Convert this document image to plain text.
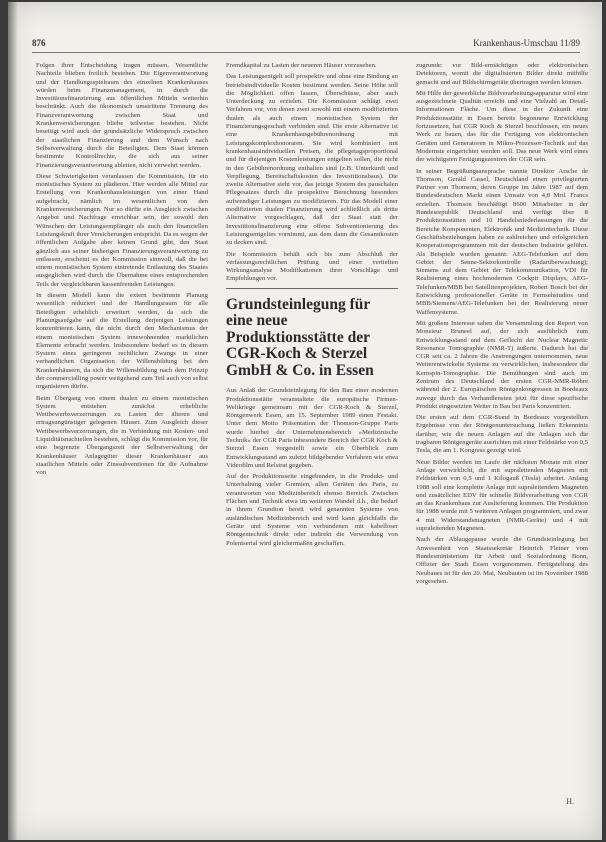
876	Krankenhaus-Umschau 11/89

Folgen ihrer Entscheidung tragen müssen. Wesentliche Nachteile blieben freilich bestehen. Die Eigenverantwortung und der Handlungsspielraum des einzelnen Krankenhauses würden beim Finanzmanagement, in durch die Investitionsfinanzierung aus öffentlichen Mitteln weiterhin beschränkt. Auch die ökonomisch umstrittene Trennung des Finanzverantwortung zwischen Staat und Krankenversicherungen bliebe teilweise bestehen. Nicht beseitigt wird auch der grundsätzliche Widerspruch zwischen der staatlichen Finanzierung und dem Wunsch nach Selbstverwaltung durch die Beteiligten. Dem Staat können bestimmte Kontrollrechte, die sich aus seiner Finanzierungsverantwortung ableiten, nicht verwehrt werden.

Diese Schwierigkeiten veranlassen die Kommission, für ein monistisches System zu plädieren. Hier werden alle Mittel zur Erstellung von Krankenhausleistungen von einer Hand aufgebracht, nämlich im wesentlichen von den Krankenversicherungen. Nur so dürfte ein Ausgleich zwischen Angebot und Nachfrage erreichbar sein, der sowohl den Wünschen der Leistungsempfänger als auch den finanziellen Leistungskraft ihrer Versicherungen entspricht. Da es wegen der öffentlichen Aufgabe aber keinen Grund gibt, den Staat gänzlich aus seiner bisherigen Finanzierungsverantwortung zu entlassen, erscheint es der Kommission sinnvoll, daß die bei einem monistischen System eintretende Entlastung des Staates ausgeglichen wird durch die Übernahme eines entsprechenden Teils der vergleichbaren kassenfremden Leistungen.

In diesem Modell kann die extern bestimmte Planung wesentlich reduziert und der Handlungsraum für alle Beteiligten erheblich erweitert werden, da sich die Planungsaufgabe auf die Erstellung derjenigen Leistungen konzentrieren kann, die nicht durch den Mechanismus der einem monistischen System innewohnenden marktlichen Elemente erbracht werden. Insbesondere bedarf es in diesem System eines geringeren rechtlichen Zwangs in einer verbandlichen Organisation der Willensbildung bei den Krankenhäusern, da sich die Willensbildung nach dem Prinzip der commercialling power weitgehend zum Teil auch von selbst organisieren dürfte.

Beim Übergang von einem dualen zu einem monistischen System entstehen zunächst erhebliche Wettbewerbsverzerrungen zu Lasten der älteren und ertragsungünstiger gelegenen Häuser. Zum Ausgleich dieser Wettbewerbsverzerrungen, die in Verbindung mit Kosten- und Liquiditätsnachteilen bestehen, schlägt die Kommission vor, für eine begrenzte Übergangszeit der Selbstverwaltung der Krankenhäuser Anlagegüter dieser Krankenhäuser aus staatlichen Mitteln oder Zinssubventionen für die Aufnahme von

Fremdkapital zu Lasten der neueren Häuser vorzusehen.

Das Leistungsentgelt soll prospektiv und ohne eine Bindung an betriebsindividuelle Kosten bestimmt werden. Seine Höhe soll die Möglichkeit offen lassen, Überschüsse, aber auch Unterdeckung zu erzielen. Die Kommission schlägt zwei Verfahren vor, von denen zwei sowohl mit einem modifizierten dualen als auch einem monistischen System der Finanzierungsgeschaft verbinden sind. Die erste Alternative ist eine Krankenhausgebührenordnung mit Leistungskomplexhonoraren. Sie wird kombiniert mit krankenhausindividuellen Preisen, die pflegetagsproportional und für diejenigen Kostenleistungen entgelten sollen, die nicht in den Gebührenordnung enthalten sind (z.B. Unterkunft und Verpflegung, Bereitschaftskosten des Investitionsbaus). Die zweite Alternative sieht vor, das jetzige System des pauschalen Pflegesatzes durch die prospektive Berechnung besonders aufwendiger Leistungen zu modifizieren. Für das Modell einer modifizierten dualen Finanzierung wird schließlich als dritte Alternative vorgeschlagen, daß der Staat statt der Investitionsfinanzierung eine offene Subventionierung des Leistungsentgeltes vornimmt, aus dem dann die Gesamtkosten zu decken sind.

Die Kommission behält sich bis zum Abschluß der verfassungsrechtlichen Prüfung und einer vertieften Wirkungsanalyse Modifikationen ihrer Vorschläge und Empfehlungen vor.

Grundsteinlegung für eine neue Produktionsstätte der CGR-Koch & Sterzel GmbH & Co. in Essen

Aus Anlaß der Grundsteinlegung für den Bau einer modernen Produktionsstätte veranstaltete die europäische Firmen-Weltkriege gemeinsam mit der CGR-Koch & Sterzel, Röntgenwerk Essen, am 15. September 1989 einen Festakt. Unter dem Motto Präsentation der Thomson-Gruppe Paris wurde hierbei der Unternehmensbereich »Medizinische Technik« der CGR Paris inbesondere Bereich der CGR Koch & Sterzel Essen vorgestellt sowie ein Überblick zum Entwicklungsstand am zuletzt bildgebender Verfahren wie etwa Videofilm und Relstrat gegeben.

Auf der Produktionsseite eingebunden, in die Produkt- und Unterhaltung vieler Gremien, allen Geräten des Paris, zu verantworten von Medizinbereich ebenso Bereich. Zwischen Flächen und Technik etwa im weiteren Wandel d.h., die bedarf in ihrem Grundton bereit wird genannten Systeme von ausländischen Medizinbereich und wird kann gleichfalls die Geräte und Systeme von verbundenen mit kabelloser Röntgentechnik direkt oder indirekt die Verwendung von Polentserial wird gleichermaßen geschaffen.

zugrunde: vor Bild-ermächtigen oder elektronischen Detektoren, womit die digitalisierten Bilder direkt mithilfe gemacht und auf Bildschirmgeräte übertragen werden können.

Mit Hilfe der gewerbliche Bildverarbeitungsapparatur wird eine ausgezeichnete Qualität erreicht und eine Vielzahl an Detail-Informationen Fläche. Um diese in der Zukunft eine Produktionsstätte in Essen bereits begonnene Entwicklung fortzusetzen, hat CGR Koch & Sterzel beschlossen, ein neues Werk zu bauen, das für die Fertigung von elektronischen Geräten und Generatoren in Mikro-Prozessor-Technik auf das Modernste eingerichtet werden soll. Das neue Werk wird eines der wichtigsten Fertigungszentren der CGR sein.

In seiner Begrüßungsansprache nannte Direktor Arsche de Thomson, Gerald Cassel, Deutschland einen privilegierten Partner von Thomson, deren Gruppe im Jahre 1987 auf dem Bundesdeutschen Markt einen Umsatz von 4,8 Mrd. Francs erzielten. Thomson beschäftigt 8600 Mitarbeiter in der Bundesrepublik Deutschland und verfügt über 8 Produktionsstätten und 10 Handelsniederlassungen für die Bereiche Komponenten, Elektronik und Medizintechnik. Diese Geschäftsbeziehungen haben zu zahlreichen und erfolgreichen Kooperationsprogrammen mit der deutschen Industrie geführt. Als Beispiele wurden genannt: AEG-Telefunken auf dem Gebiet der Senne-Sektorkontrolle (Radarüberwachung); Siemens auf dem Gebiet der Telekommunikation, VDI für Realisierung eines hochmodernen Cockpit Displays, AEG-Telefunken/MBB bei Satellitenprojekten, Robert Bosch bei der Entwicklung professioneller Geräte in Fernsehstudios und MBB/Siemens/AEG-Telefunken bei der Realisierung neuer Waffensysteme.

Mit großem Interesse sahen die Versammlung den Report von Monsieur Bruneel auf, der sich ausführlich zum Entwicklungsstand und dem Geflecht der Nuclear Magnetic Resonance Tomographie (NMR-T) äußerte. Dadurch hat die CGR seit ca. 2 Jahren die Anstrengungen unternommen, neue Weiterentwickelte Systeme zu verwirklichen, insbesondere die Kernspin-Tomographie. Die Bemühungen sind auch im Zentrum des Deutschland der ersten CGR-NMR-Röhre während der 2. Europäischen Röntgenkongressen in Bordeaux zuwege durch das Verhandlensten jetzt für diese spezifische Produkt eingesetzten Weiter in Bau bei Paris konzentriert.

Die ersten auf dem CGR-Stand in Bordeaux vorgestellten Ergebnisse von der Röntgenuntersuchung ließen Erkenntnis darüber, wie die neuen Anlagen auf die Anlagen sich die tragbaren Röntgengeräte ausrichten mit einer Feldstärke von 0,5 Tesla, die am 1. Kongress gezeigt wird.

Neue Bilder werden im Laufe der nächsten Monate mit einer Anlage verwirklicht, die mit supraleitenden Magneten mit Feldstärken von 0,5 und 1 Kilogauß (Tesla) arbeitet. Anfang 1988 soll eine komplette Anlage mit supraleitendem Magneten und zusätzlicher EDV für schnelle Bildverarbeitung von CGR an das Krankenhaus zur Auslieferung kommen. Die Produktion für 1988 wurde mit 5 weiteren Anlagen programmiert, und zwar 4 mit Widerstandsmagneten (NMR-Geräte) und 4 mit supraleitenden Magneten.

Nach der Ablaugepause wurde die Grundsteinlegung bei Anwesenheit von Staatssekretär Heinrich Fleiner vom Bundesministerium für Arbeit und Sozialordnung Bonn, Offizier der Stadt Essen vorgenommen. Fertigstellung des Neubaues ist für den 20. Mai, Neubauten ist im November 1988 vorgesehen.

H.
